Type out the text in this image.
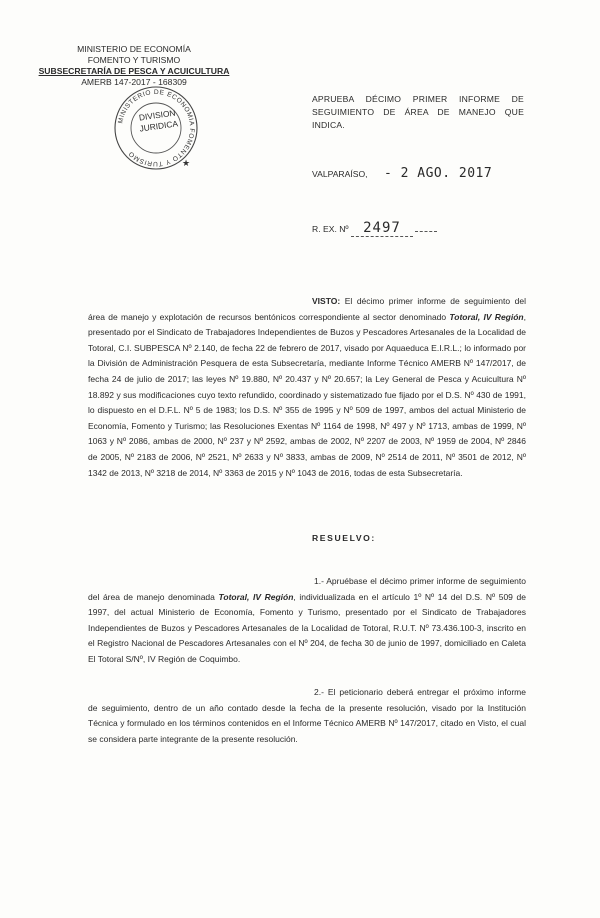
MINISTERIO DE ECONOMÍA
FOMENTO Y TURISMO
SUBSECRETARÍA DE PESCA Y ACUICULTURA
AMERB 147-2017 - 168309
MINISTERIO DE ECONOMIA FOMENTO Y TURISMO
★
DIVISION
JURIDICA
APRUEBA DÉCIMO PRIMER INFORME DE SEGUIMIENTO DE ÁREA DE MANEJO QUE INDICA.
VALPARAÍSO, - 2 AGO. 2017
R. EX. Nº 2497
VISTO: El décimo primer informe de seguimiento del área de manejo y explotación de recursos bentónicos correspondiente al sector denominado Totoral, IV Región, presentado por el Sindicato de Trabajadores Independientes de Buzos y Pescadores Artesanales de la Localidad de Totoral, C.I. SUBPESCA Nº 2.140, de fecha 22 de febrero de 2017, visado por Aquaeduca E.I.R.L.; lo informado por la División de Administración Pesquera de esta Subsecretaría, mediante Informe Técnico AMERB Nº 147/2017, de fecha 24 de julio de 2017; las leyes Nº 19.880, Nº 20.437 y Nº 20.657; la Ley General de Pesca y Acuicultura Nº 18.892 y sus modificaciones cuyo texto refundido, coordinado y sistematizado fue fijado por el D.S. Nº 430 de 1991, lo dispuesto en el D.F.L. Nº 5 de 1983; los D.S. Nº 355 de 1995 y Nº 509 de 1997, ambos del actual Ministerio de Economía, Fomento y Turismo; las Resoluciones Exentas Nº 1164 de 1998, Nº 497 y Nº 1713, ambas de 1999, Nº 1063 y Nº 2086, ambas de 2000, Nº 237 y Nº 2592, ambas de 2002, Nº 2207 de 2003, Nº 1959 de 2004, Nº 2846 de 2005, Nº 2183 de 2006, Nº 2521, Nº 2633 y Nº 3833, ambas de 2009, Nº 2514 de 2011, Nº 3501 de 2012, Nº 1342 de 2013, Nº 3218 de 2014, Nº 3363 de 2015 y Nº 1043 de 2016, todas de esta Subsecretaría.
RESUELVO:
1.- Apruébase el décimo primer informe de seguimiento del área de manejo denominada Totoral, IV Región, individualizada en el artículo 1º Nº 14 del D.S. Nº 509 de 1997, del actual Ministerio de Economía, Fomento y Turismo, presentado por el Sindicato de Trabajadores Independientes de Buzos y Pescadores Artesanales de la Localidad de Totoral, R.U.T. Nº 73.436.100-3, inscrito en el Registro Nacional de Pescadores Artesanales con el Nº 204, de fecha 30 de junio de 1997, domiciliado en Caleta El Totoral S/Nº, IV Región de Coquimbo.
2.- El peticionario deberá entregar el próximo informe de seguimiento, dentro de un año contado desde la fecha de la presente resolución, visado por la Institución Técnica y formulado en los términos contenidos en el Informe Técnico AMERB Nº 147/2017, citado en Visto, el cual se considera parte integrante de la presente resolución.
